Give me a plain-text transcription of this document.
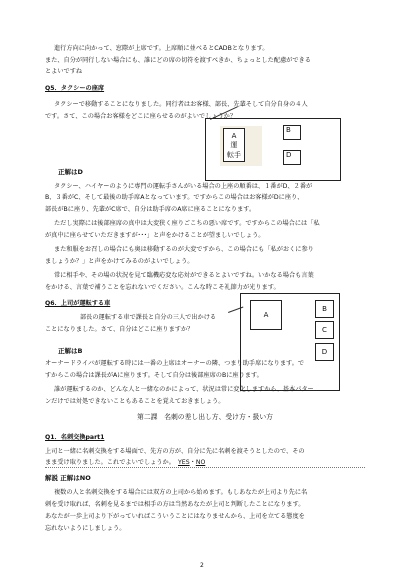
進行方向に向かって、窓際が上席です。上席順に並べるとCADBとなります。
また、自分が同行しない場合にも、誰にどの席の切符を渡すべきか、ちょっとした配慮ができる
とよいですね
Q5．タクシーの座席
タクシーで移動することになりました。同行者はお客様、部長、先輩そして自分自身の４人
です。さて、この場合お客様をどこに座らせるのがよいでしょうか？
A
運
転手
B
D
正解はD
タクシー、ハイヤーのように専門の運転手さんがいる場合の上座の順番は、１番がD、２番が
B、３番がC、そして最後の助手席Aとなっています。ですからこの場合はお客様がDに座り、
部長がBに座り、先輩がC席で、自分は助手席のA席に座ることになります。
ただし実際には後部座席の真中は大変狭く座りごこちの悪い席です。ですからこの場合には「私
が真中に座らせていただきますが･･･」と声をかけることが望ましいでしょう。
また和服をお召しの場合にも奥は移動するのが大変ですから、この場合にも「私がおくに参り
ましょうか？」と声をかけてみるのがよいでしょう。
常に相手や、その場の状況を見て臨機応変な応対ができるとよいですね。いかなる場合も言葉
をかける、言葉で補うことを忘れないでください。こんな時こそ礼節力が光ります。
Q6．上司が運転する車
部長の運転する車で課長と自分の三人で出かける
ことになりました。さて、自分はどこに座りますか？
A
B
C
D
正解はB
オーナードライバが運転する時には一番の上席はオーナーの隣、つまり助手席になります。で
すからこの場合は課長がAに座ります。そして自分は後部座席のBに座ります。
誰が運転するのか、どんな人と一緒なのかによって、状況は常に変化しますから、基本パター
ンだけでは対処できないこともあることを覚えておきましょう。
第二課　名刺の差し出し方、受け方・扱い方
Q1．名刺交換part1
上司と一緒に名刺交換をする場面で、先方の方が、自分に先に名刺を渡そうとしたので、その
まま受け取りました。これでよいでしょうか。 YES・NO
解説 正解はNO
複数の人と名刺交換をする場合には双方の上司から始めます。もしあなたが上司より先に名
刺を受け取れば、名刺を見るまでは相手の方は当然あなたが上司と判断したことになります。
あなたが一歩上司より下がっていればこういうことにはなりませんから、上司を立てる態度を
忘れないようにしましょう。
2
